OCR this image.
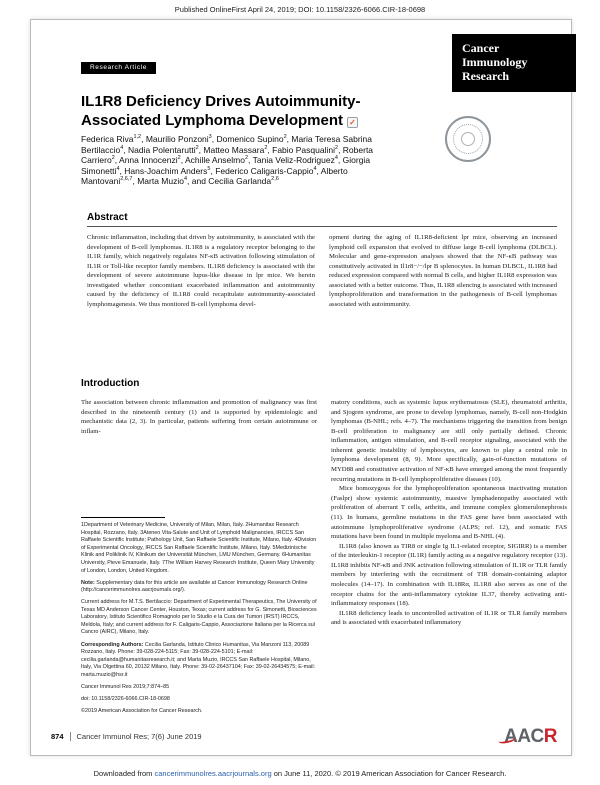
Published OnlineFirst April 24, 2019; DOI: 10.1158/2326-6066.CIR-18-0698
Research Article
Cancer
Immunology
Research
IL1R8 Deficiency Drives Autoimmunity-Associated Lymphoma Development ✓
Federica Riva$^{1,2}$, Maurilio Ponzoni$^3$, Domenico Supino$^2$, Maria Teresa Sabrina Bertilaccio$^4$, Nadia Polentarutti$^2$, Matteo Massara$^2$, Fabio Pasqualini$^2$, Roberta Carriero$^2$, Anna Innocenzi$^2$, Achille Anselmo$^2$, Tania Veliz-Rodriguez$^4$, Giorgia Simonetti$^4$, Hans-Joachim Anders$^5$, Federico Caligaris-Cappio$^4$, Alberto Mantovani$^{2,6,7}$, Marta Muzio$^4$, and Cecilia Garlanda$^{2,6}$
Abstract
Chronic inflammation, including that driven by autoimmunity, is associated with the development of B-cell lymphomas. IL1R8 is a regulatory receptor belonging to the IL1R family, which negatively regulates NF-κB activation following stimulation of IL1R or Toll-like receptor family members. IL1R8 deficiency is associated with the development of severe autoimmune lupus-like disease in lpr mice. We herein investigated whether concomitant exacerbated inflammation and autoimmunity caused by the deficiency of IL1R8 could recapitulate autoimmunity-associated lymphomagenesis. We thus monitored B-cell lymphoma devel-
opment during the aging of IL1R8-deficient lpr mice, observing an increased lymphoid cell expansion that evolved to diffuse large B-cell lymphoma (DLBCL). Molecular and gene-expression analyses showed that the NF-κB pathway was constitutively activated in Il1r8−/−/lpr B splenocytes. In human DLBCL, IL1R8 had reduced expression compared with normal B cells, and higher IL1R8 expression was associated with a better outcome. Thus, IL1R8 silencing is associated with increased lymphoproliferation and transformation in the pathogenesis of B-cell lymphomas associated with autoimmunity.
Introduction

The association between chronic inflammation and promotion of malignancy was first described in the nineteenth century (1) and is supported by epidemiologic and mechanistic data (2, 3). In particular, patients suffering from certain autoimmune or inflam-

1Department of Veterinary Medicine, University of Milan, Milan, Italy. 2Humanitas Research Hospital, Rozzano, Italy. 3Ateneo Vita-Salute and Unit of Lymphoid Malignancies, IRCCS San Raffaele Scientific Institute; Pathology Unit, San Raffaele Scientific Institute, Milano, Italy. 4Division of Experimental Oncology, IRCCS San Raffaele Scientific Institute, Milano, Italy. 5Medizinische Klinik and Poliklinik IV, Klinikum der Universität München, LMU München, Germany. 6Humanitas University, Pieve Emanuele, Italy. 7The William Harvey Research Institute, Queen Mary University of London, London, United Kingdom.

Note: Supplementary data for this article are available at Cancer Immunology Research Online (http://cancerimmunolres.aacrjournals.org/).

Current address for M.T.S. Bertilaccio: Department of Experimental Therapeutics, The University of Texas MD Anderson Cancer Center, Houston, Texas; current address for G. Simonetti, Biosciences Laboratory, Istituto Scientifico Romagnolo per lo Studio e la Cura dei Tumori (IRST) IRCCS, Meldola, Italy; and current address for F. Caligaris-Cappio, Associazione Italiana per la Ricerca sul Cancro (AIRC), Milano, Italy.

Corresponding Authors: Cecilia Garlanda, Istituto Clinico Humanitas, Via Manzoni 113, 20089 Rozzano, Italy. Phone: 39-028-224-5115; Fax: 39-028-224-5101; E-mail: cecilia.garlanda@humanitasresearch.it; and Marta Muzio, IRCCS San Raffaele Hospital, Milano, Italy, Via Olgettina 60, 20132 Milano, Italy. Phone: 39-02-26437104; Fax: 39-02-26434575; E-mail: marta.muzio@hsr.it

Cancer Immunol Res 2019;7:874–85

doi: 10.1158/2326-6066.CIR-18-0698

©2019 American Association for Cancer Research.

matory conditions, such as systemic lupus erythematosus (SLE), rheumatoid arthritis, and Sjogren syndrome, are prone to develop lymphomas, namely, B-cell non-Hodgkin lymphomas (B-NHL; refs. 4–7). The mechanisms triggering the transition from benign B-cell proliferation to malignancy are still only partially defined. Chronic inflammation, antigen stimulation, and B-cell receptor signaling, associated with the inherent genetic instability of lymphocytes, are known to play a central role in lymphoma development (8, 9). More specifically, gain-of-function mutations of MYD88 and constitutive activation of NF-κB have emerged among the most frequently recurring mutations in B-cell lymphoproliferative diseases (10).

Mice homozygous for the lymphoproliferation spontaneous inactivating mutation (Faslpr) show systemic autoimmunity, massive lymphadenopathy associated with proliferation of aberrant T cells, arthritis, and immune complex glomerulonephrosis (11). In humans, germline mutations in the FAS gene have been associated with autoimmune lymphoproliferative syndrome (ALPS; ref. 12), and somatic FAS mutations have been found in multiple myeloma and B-NHL (4).

IL1R8 (also known as TIR8 or single Ig IL1-related receptor, SIGIRR) is a member of the interleukin-1 receptor (IL1R) family acting as a negative regulatory receptor (13). IL1R8 inhibits NF-κB and JNK activation following stimulation of IL1R or TLR family members by interfering with the recruitment of TIR domain-containing adaptor molecules (14–17). In combination with IL18Rα, IL1R8 also serves as one of the receptor chains for the anti-inflammatory cytokine IL37, thereby activating anti-inflammatory responses (18).

IL1R8 deficiency leads to uncontrolled activation of IL1R or TLR family members and is associated with exacerbated inflammatory

874 Cancer Immunol Res; 7(6) June 2019	AACR
Downloaded from cancerimmunolres.aacrjournals.org on June 11, 2020. © 2019 American Association for Cancer Research.
